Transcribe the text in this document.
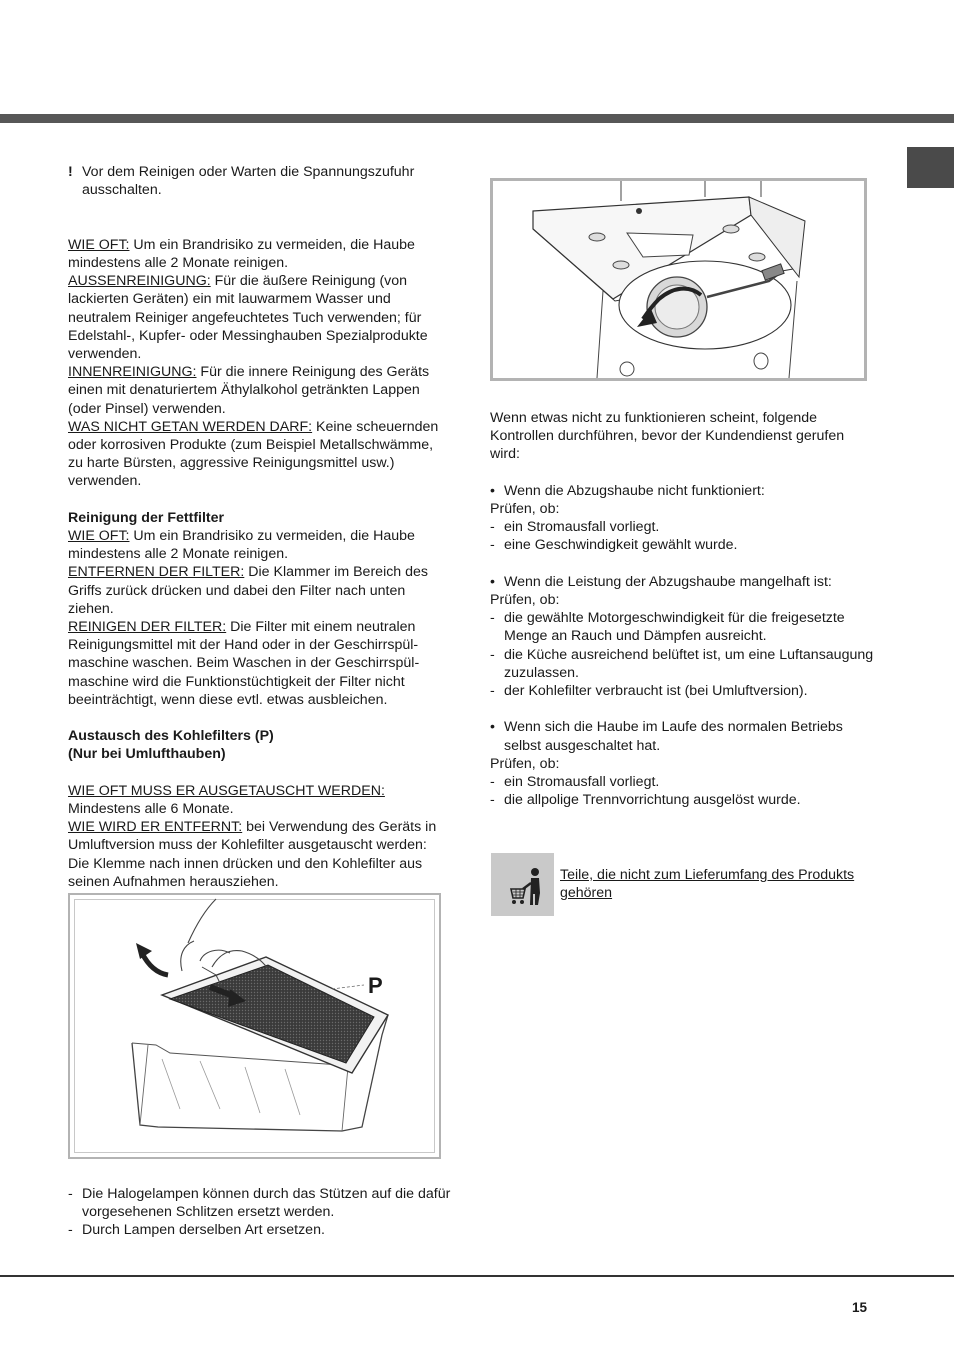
! Vor dem Reinigen oder Warten die Spannungszufuhr ausschalten.

WIE OFT: Um ein Brandrisiko zu vermeiden, die Haube mindestens alle 2 Monate reinigen.

AUSSENREINIGUNG: Für die äußere Reinigung (von lackierten Geräten) ein mit lauwarmem Wasser und neutralem Reiniger angefeuchtetes Tuch verwenden; für Edelstahl-, Kupfer- oder Messinghauben Spezialprodukte verwenden.

INNENREINIGUNG: Für die innere Reinigung des Geräts einen mit denaturiertem Äthylalkohol getränkten Lappen (oder Pinsel) verwenden.

WAS NICHT GETAN WERDEN DARF: Keine scheuernden oder korrosiven Produkte (zum Beispiel Metallschwämme, zu harte Bürsten, aggressive Reinigungsmittel usw.) verwenden.

Reinigung der Fettfilter

WIE OFT: Um ein Brandrisiko zu vermeiden, die Haube mindestens alle 2 Monate reinigen.

ENTFERNEN DER FILTER: Die Klammer im Bereich des Griffs zurück drücken und dabei den Filter nach unten ziehen.

REINIGEN DER FILTER: Die Filter mit einem neutralen Reinigungsmittel mit der Hand oder in der Geschirrspülmaschine waschen. Beim Waschen in der Geschirrspülmaschine wird die Funktionstüchtigkeit der Filter nicht beeinträchtigt, wenn diese evtl. etwas ausbleichen.

Austausch des Kohlefilters (P)
(Nur bei Umlufthauben)

WIE OFT MUSS ER AUSGETAUSCHT WERDEN:

Mindestens alle 6 Monate.

WIE WIRD ER ENTFERNT: bei Verwendung des Geräts in Umluftversion muss der Kohlefilter ausgetauscht werden: Die Klemme nach innen drücken und den Kohlefilter aus seinen Aufnahmen herausziehen.

P

- Die Halogelampen können durch das Stützen auf die dafür vorgesehenen Schlitzen ersetzt werden.

- Durch Lampen derselben Art ersetzen.

Wenn etwas nicht zu funktionieren scheint, folgende Kontrollen durchführen, bevor der Kundendienst gerufen wird:

• Wenn die Abzugshaube nicht funktioniert:

Prüfen, ob:

- ein Stromausfall vorliegt.

- eine Geschwindigkeit gewählt wurde.

• Wenn die Leistung der Abzugshaube mangelhaft ist:

Prüfen, ob:

- die gewählte Motorgeschwindigkeit für die freigesetzte Menge an Rauch und Dämpfen ausreicht.

- die Küche ausreichend belüftet ist, um eine Luftansaugung zuzulassen.

- der Kohlefilter verbraucht ist (bei Umluftversion).

• Wenn sich die Haube im Laufe des normalen Betriebs selbst ausgeschaltet hat.

Prüfen, ob:

- ein Stromausfall vorliegt.

- die allpolige Trennvorrichtung ausgelöst wurde.

Teile, die nicht zum Lieferumfang des Produkts gehören
15
